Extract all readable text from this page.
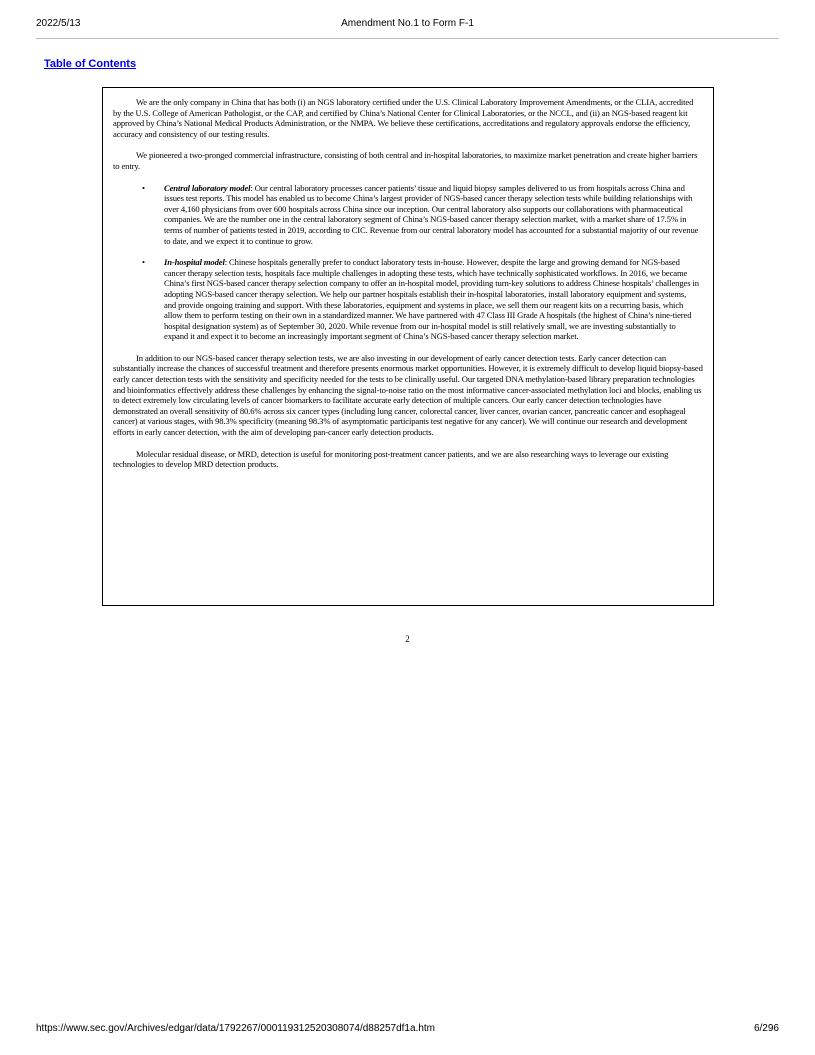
2022/5/13	Amendment No.1 to Form F-1
Table of Contents

We are the only company in China that has both (i) an NGS laboratory certified under the U.S. Clinical Laboratory Improvement Amendments, or the CLIA, accredited by the U.S. College of American Pathologist, or the CAP, and certified by China’s National Center for Clinical Laboratories, or the NCCL, and (ii) an NGS-based reagent kit approved by China’s National Medical Products Administration, or the NMPA. We believe these certifications, accreditations and regulatory approvals endorse the efficiency, accuracy and consistency of our testing results.

We pioneered a two-pronged commercial infrastructure, consisting of both central and in-hospital laboratories, to maximize market penetration and create higher barriers to entry.

• Central laboratory model: Our central laboratory processes cancer patients’ tissue and liquid biopsy samples delivered to us from hospitals across China and issues test reports. This model has enabled us to become China’s largest provider of NGS-based cancer therapy selection tests while building relationships with over 4,160 physicians from over 600 hospitals across China since our inception. Our central laboratory also supports our collaborations with pharmaceutical companies. We are the number one in the central laboratory segment of China’s NGS-based cancer therapy selection market, with a market share of 17.5% in terms of number of patients tested in 2019, according to CIC. Revenue from our central laboratory model has accounted for a substantial majority of our revenue to date, and we expect it to continue to grow.
• In-hospital model: Chinese hospitals generally prefer to conduct laboratory tests in-house. However, despite the large and growing demand for NGS-based cancer therapy selection tests, hospitals face multiple challenges in adopting these tests, which have technically sophisticated workflows. In 2016, we became China’s first NGS-based cancer therapy selection company to offer an in-hospital model, providing turn-key solutions to address Chinese hospitals’ challenges in adopting NGS-based cancer therapy selection. We help our partner hospitals establish their in-hospital laboratories, install laboratory equipment and systems, and provide ongoing training and support. With these laboratories, equipment and systems in place, we sell them our reagent kits on a recurring basis, which allow them to perform testing on their own in a standardized manner. We have partnered with 47 Class III Grade A hospitals (the highest of China’s nine-tiered hospital designation system) as of September 30, 2020. While revenue from our in-hospital model is still relatively small, we are investing substantially to expand it and expect it to become an increasingly important segment of China’s NGS-based cancer therapy selection market.

In addition to our NGS-based cancer therapy selection tests, we are also investing in our development of early cancer detection tests. Early cancer detection can substantially increase the chances of successful treatment and therefore presents enormous market opportunities. However, it is extremely difficult to develop liquid biopsy-based early cancer detection tests with the sensitivity and specificity needed for the tests to be clinically useful. Our targeted DNA methylation-based library preparation technologies and bioinformatics effectively address these challenges by enhancing the signal-to-noise ratio on the most informative cancer-associated methylation loci and blocks, enabling us to detect extremely low circulating levels of cancer biomarkers to facilitate accurate early detection of multiple cancers. Our early cancer detection technologies have demonstrated an overall sensitivity of 80.6% across six cancer types (including lung cancer, colorectal cancer, liver cancer, ovarian cancer, pancreatic cancer and esophageal cancer) at various stages, with 98.3% specificity (meaning 98.3% of asymptomatic participants test negative for any cancer). We will continue our research and development efforts in early cancer detection, with the aim of developing pan-cancer early detection products.

Molecular residual disease, or MRD, detection is useful for monitoring post-treatment cancer patients, and we are also researching ways to leverage our existing technologies to develop MRD detection products.

2
https://www.sec.gov/Archives/edgar/data/1792267/000119312520308074/d88257df1a.htm	6/296
